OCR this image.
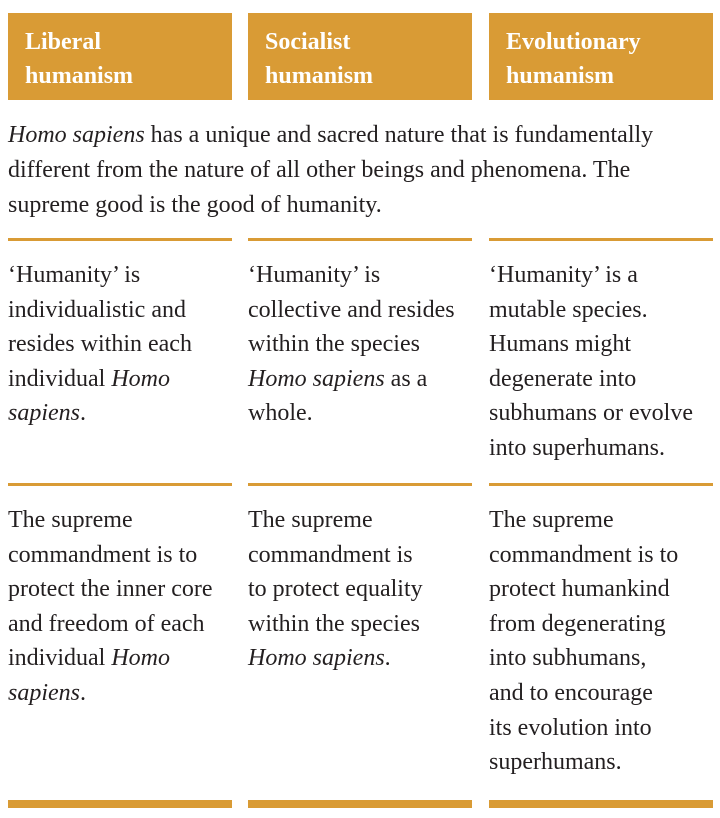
Liberal
humanism
Socialist
humanism
Evolutionary
humanism
Homo sapiens has a unique and sacred nature that is fundamentally
different from the nature of all other beings and phenomena. The
supreme good is the good of humanity.
‘Humanity’ is
individualistic and
resides within each
individual Homo
sapiens.
‘Humanity’ is
collective and resides
within the species
Homo sapiens as a
whole.
‘Humanity’ is a
mutable species.
Humans might
degenerate into
subhumans or evolve
into superhumans.
The supreme
commandment is to
protect the inner core
and freedom of each
individual Homo
sapiens.
The supreme
commandment is
to protect equality
within the species
Homo sapiens.
The supreme
commandment is to
protect humankind
from degenerating
into subhumans,
and to encourage
its evolution into
superhumans.
